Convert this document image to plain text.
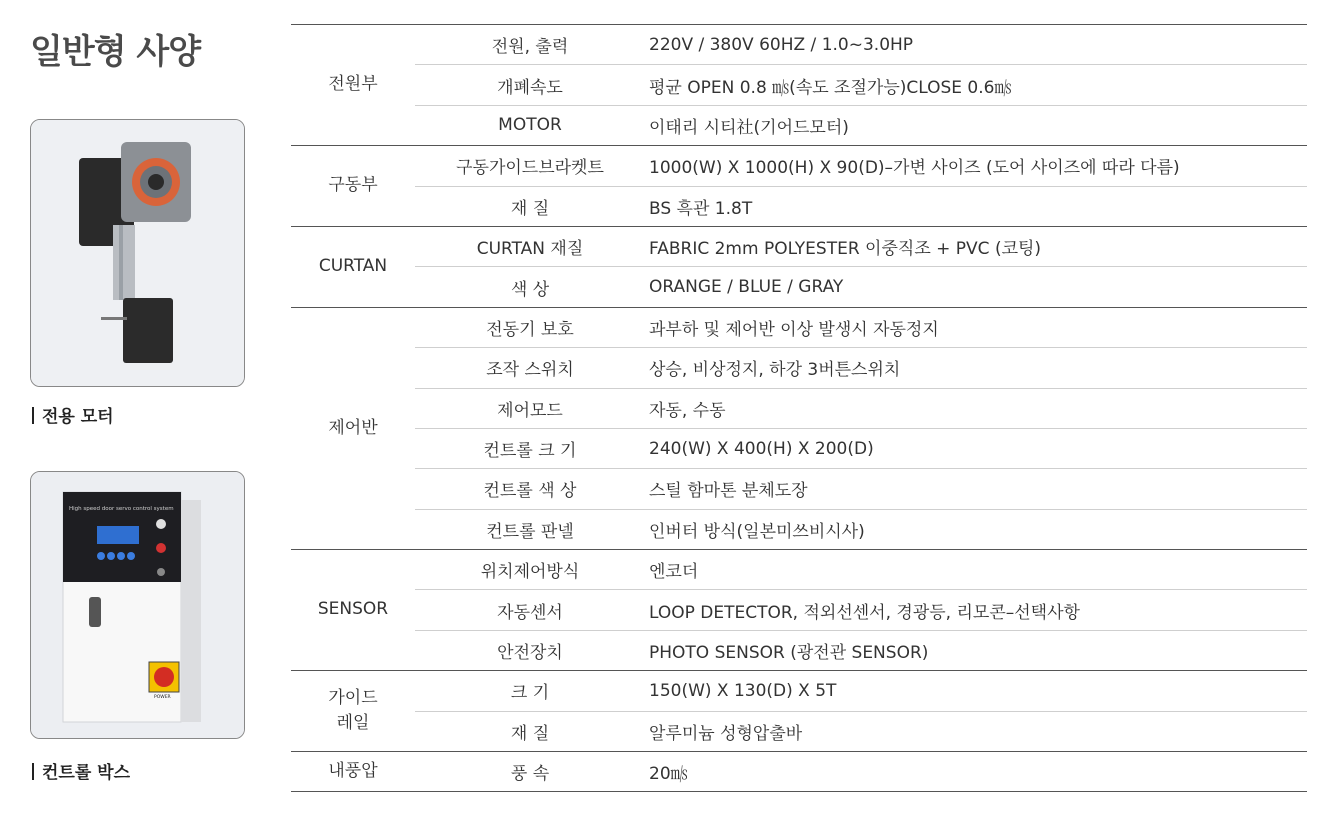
일반형 사양
전용 모터
High speed door servo control system
POWER
컨트롤 박스
전원부	전원, 출력	220V / 380V 60HZ / 1.0~3.0HP
	개폐속도	평균 OPEN 0.8 ㎧(속도 조절가능)CLOSE 0.6㎧
	MOTOR	이태리 시티社(기어드모터)
구동부	구동가이드브라켓트	1000(W) X 1000(H) X 90(D)–가변 사이즈 (도어 사이즈에 따라 다름)
	재 질	BS 흑관 1.8T
CURTAN	CURTAN 재질	FABRIC 2mm POLYESTER 이중직조 + PVC (코팅)
	색 상	ORANGE / BLUE / GRAY
제어반	전동기 보호	과부하 및 제어반 이상 발생시 자동정지
	조작 스위치	상승, 비상정지, 하강 3버튼스위치
	제어모드	자동, 수동
	컨트롤 크 기	240(W) X 400(H) X 200(D)
	컨트롤 색 상	스틸 함마톤 분체도장
	컨트롤 판넬	인버터 방식(일본미쓰비시사)
SENSOR	위치제어방식	엔코더
	자동센서	LOOP DETECTOR, 적외선센서, 경광등, 리모콘–선택사항
	안전장치	PHOTO SENSOR (광전관 SENSOR)
가이드
레일	크 기	150(W) X 130(D) X 5T
	재 질	알루미늄 성형압출바
내풍압	풍 속	20㎧
